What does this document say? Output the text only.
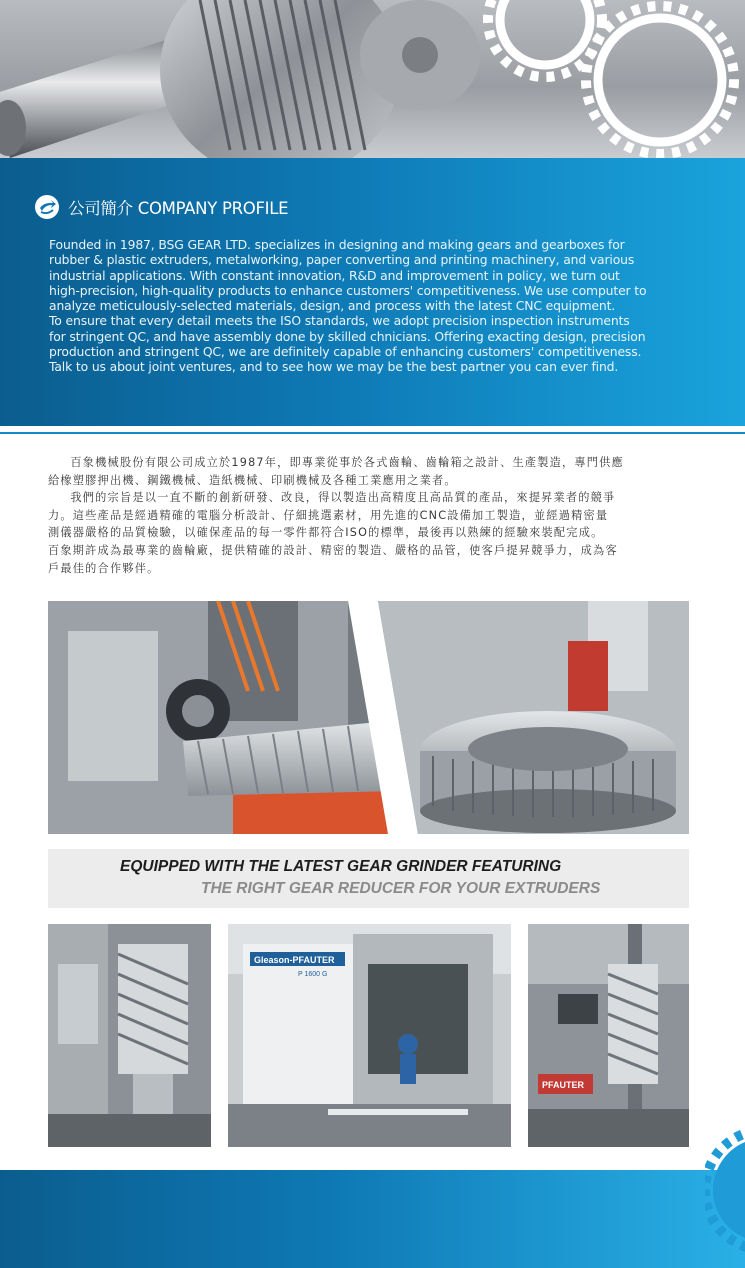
公司簡介 COMPANY PROFILE

Founded in 1987, BSG GEAR LTD. specializes in designing and making gears and gearboxes for

rubber & plastic extruders, metalworking, paper converting and printing machinery, and various

industrial applications. With constant innovation, R&D and improvement in policy, we turn out

high-precision, high-quality products to enhance customers' competitiveness. We use computer to

analyze meticulously-selected materials, design, and process with the latest CNC equipment.

To ensure that every detail meets the ISO standards, we adopt precision inspection instruments

for stringent QC, and have assembly done by skilled chnicians. Offering exacting design, precision

production and stringent QC, we are definitely capable of enhancing customers' competitiveness.

Talk to us about joint ventures, and to see how we may be the best partner you can ever find.

百象機械股份有限公司成立於1987年，即專業從事於各式齒輪、齒輪箱之設計、生產製造，專門供應

給橡塑膠押出機、鋼鐵機械、造紙機械、印刷機械及各種工業應用之業者。

我們的宗旨是以一直不斷的創新研發、改良，得以製造出高精度且高品質的產品，來提昇業者的競爭

力。這些產品是經過精確的電腦分析設計、仔細挑選素材，用先進的CNC設備加工製造，並經過精密量

測儀器嚴格的品質檢驗，以確保產品的每一零件都符合ISO的標準，最後再以熟練的經驗來裝配完成。

百象期許成為最專業的齒輪廠，提供精確的設計、精密的製造、嚴格的品管，使客戶提昇競爭力，成為客

戶最佳的合作夥伴。

EQUIPPED WITH THE LATEST GEAR GRINDER FEATURING
THE RIGHT GEAR REDUCER FOR YOUR EXTRUDERS
Gleason-PFAUTER
P 1600 G
PFAUTER
